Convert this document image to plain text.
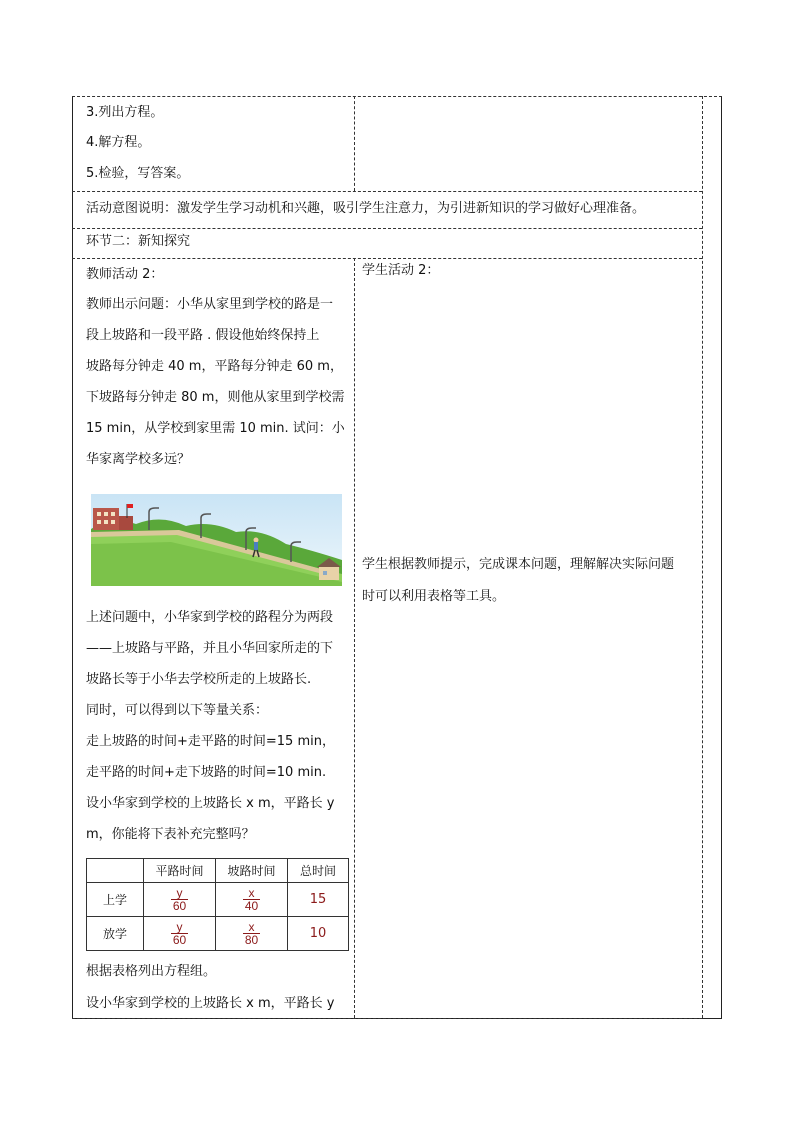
3.列出方程。
4.解方程。
5.检验，写答案。
活动意图说明：激发学生学习动机和兴趣，吸引学生注意力，为引进新知识的学习做好心理准备。
环节二：新知探究
教师活动 2：
教师出示问题：小华从家里到学校的路是一
段上坡路和一段平路 . 假设他始终保持上
坡路每分钟走 40 m，平路每分钟走 60 m，
下坡路每分钟走 80 m，则他从家里到学校需
15 min，从学校到家里需 10 min. 试问：小
华家离学校多远？
上述问题中，小华家到学校的路程分为两段
——上坡路与平路，并且小华回家所走的下
坡路长等于小华去学校所走的上坡路长.
同时，可以得到以下等量关系：
走上坡路的时间+走平路的时间=15 min，
走平路的时间+走下坡路的时间=10 min.
设小华家到学校的上坡路长 x m，平路长 y
m，你能将下表补充完整吗？
	平路时间	坡路时间	总时间
上学	$\frac{y}{60}$	$\frac{x}{40}$	15
放学	$\frac{y}{60}$	$\frac{x}{80}$	10
根据表格列出方程组。
设小华家到学校的上坡路长 x m，平路长 y
学生活动 2：
学生根据教师提示，完成课本问题，理解解决实际问题
时可以利用表格等工具。
